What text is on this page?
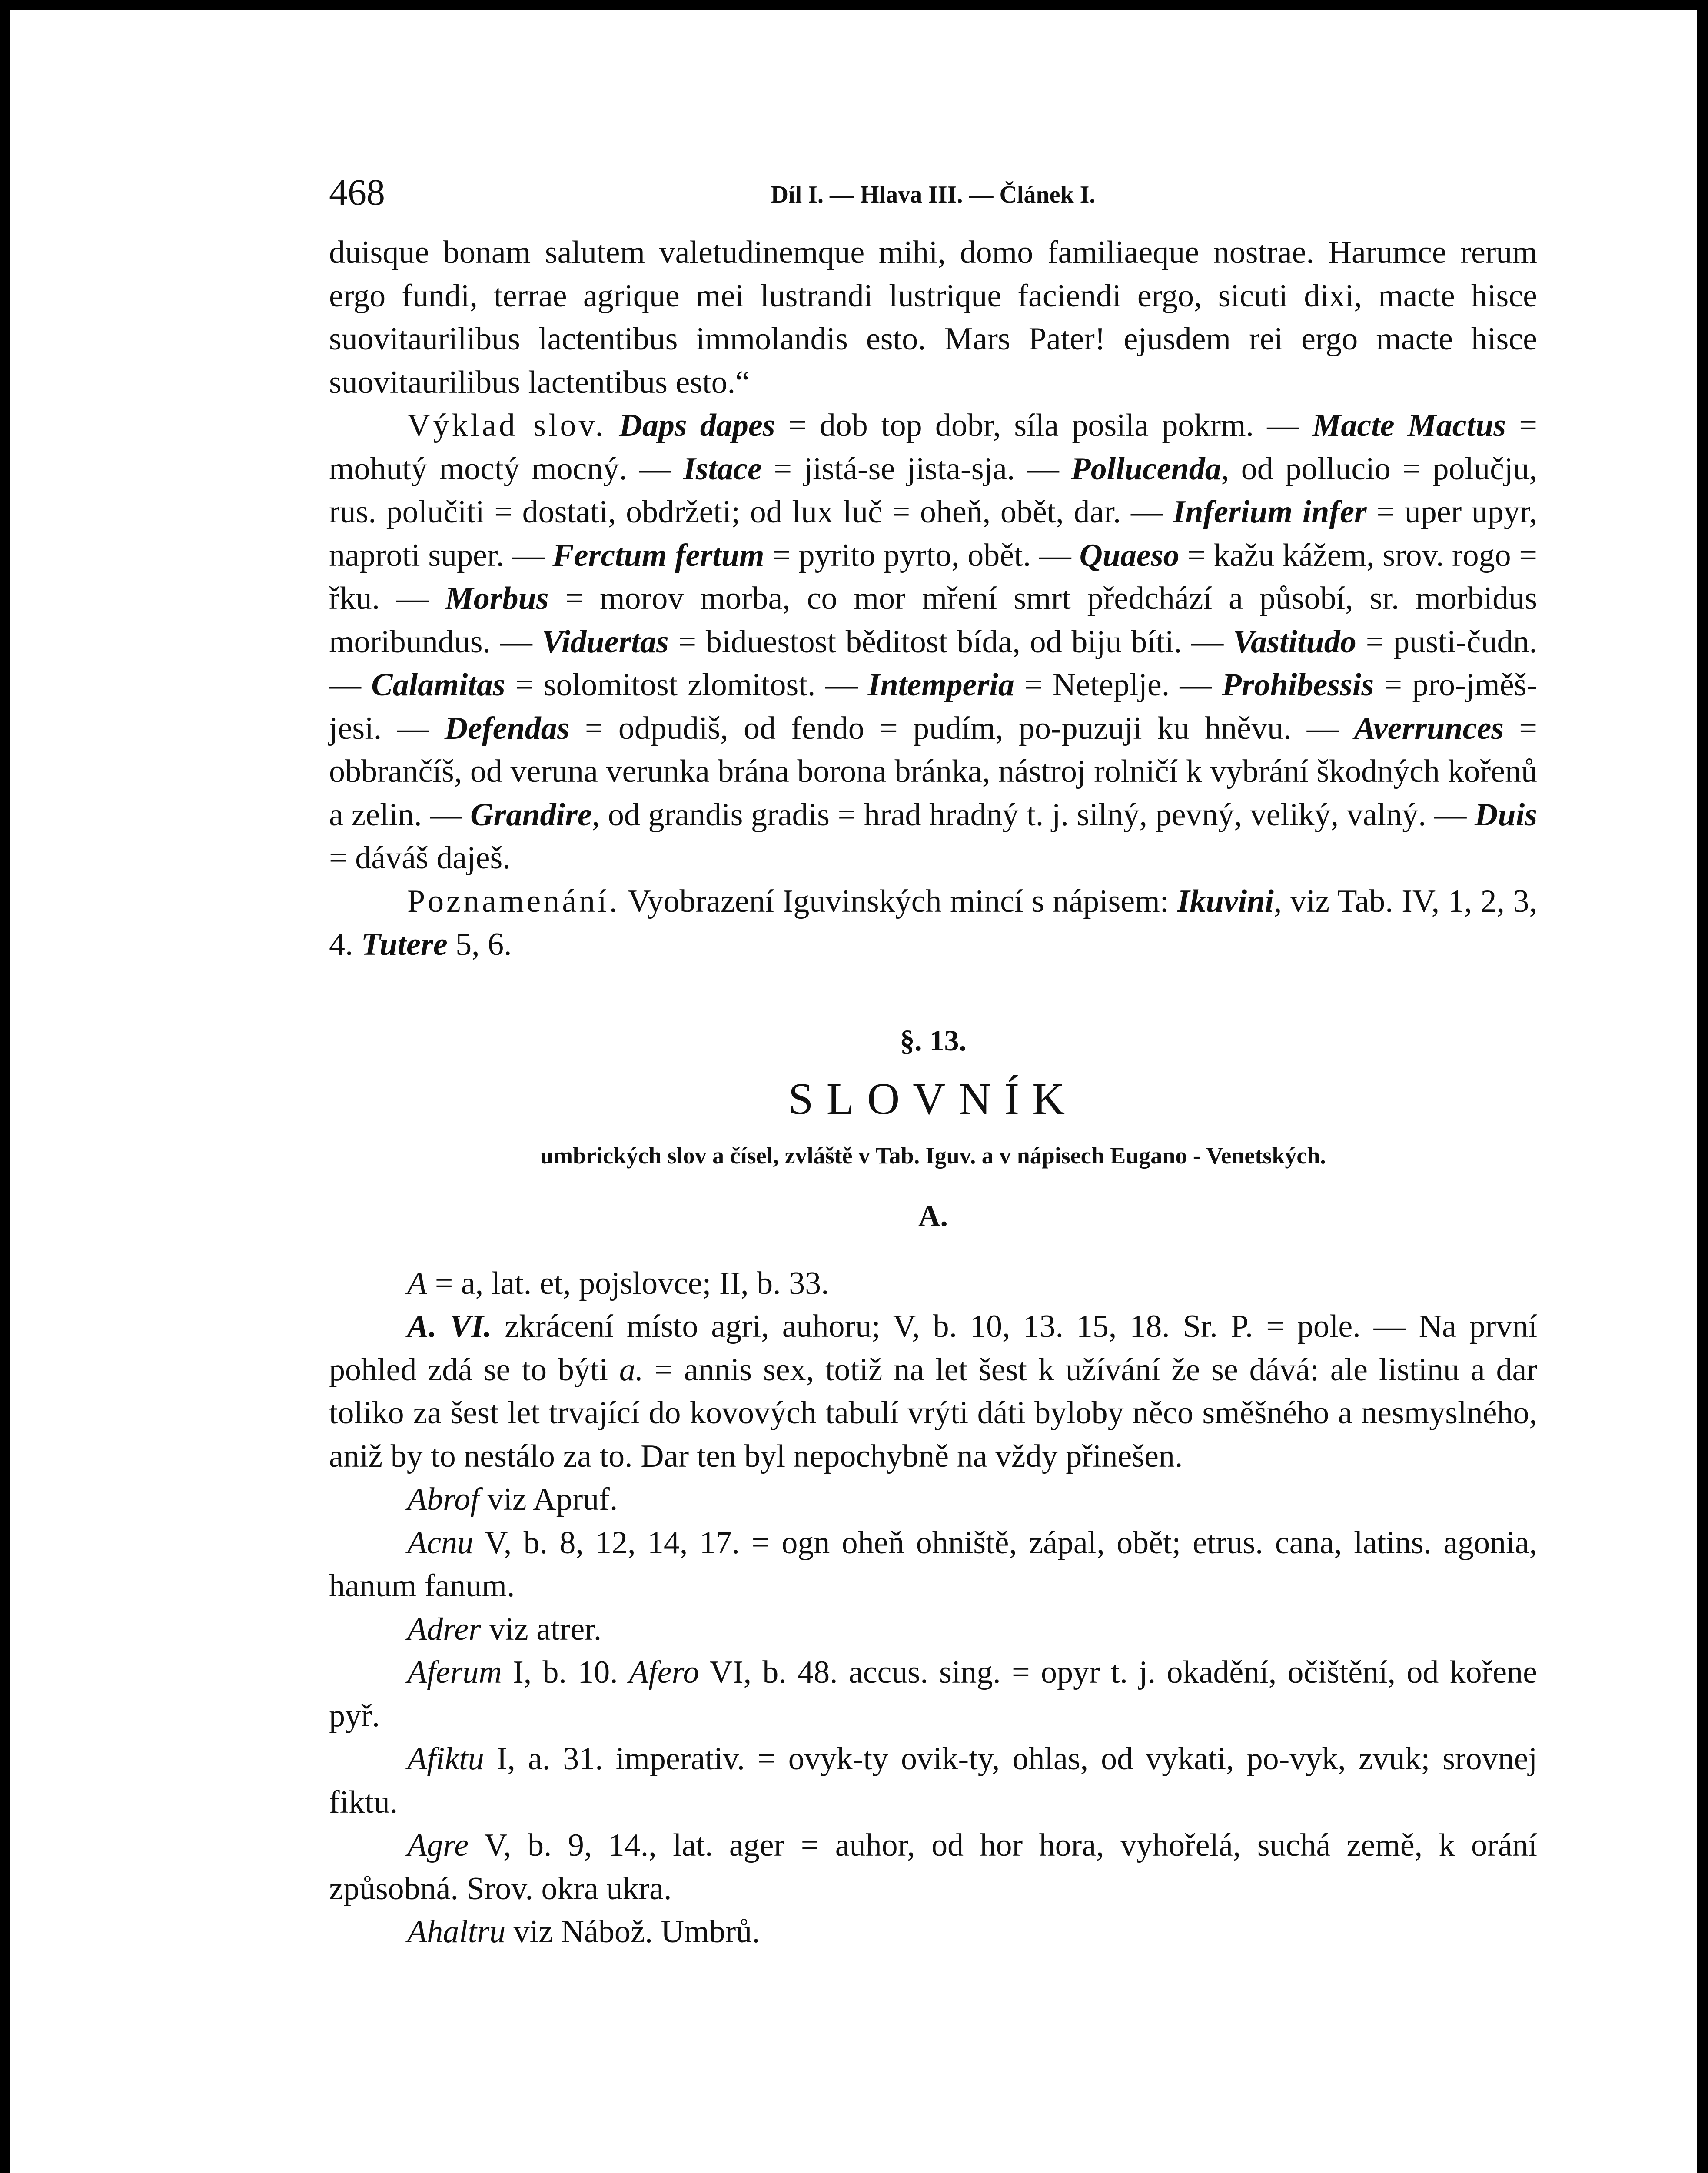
468	Díl I. — Hlava III. — Článek I.

duisque bonam salutem valetudinemque mihi, domo familiaeque nostrae. Harumce rerum ergo fundi, terrae agrique mei lustrandi lustrique faciendi ergo, sicuti dixi, macte hisce suovitaurilibus lactentibus immolandis esto. Mars Pater! ejusdem rei ergo macte hisce suovitaurilibus lactentibus esto.“

Výklad slov. Daps dapes = dob top dobr, síla posila pokrm. — Macte Mactus = mohutý moctý mocný. — Istace = jistá-se jista-sja. — Pollucenda, od pollucio = polučju, rus. polučiti = dostati, obdržeti; od lux luč = oheň, obět, dar. — Inferium infer = uper upyr, naproti super. — Ferctum fertum = pyrito pyrto, obět. — Quaeso = kažu kážem, srov. rogo = řku. — Morbus = morov morba, co mor mření smrt předchází a působí, sr. morbidus moribundus. — Viduertas = biduestost běditost bída, od biju bíti. — Vastitudo = pusti-čudn. — Calamitas = solomitost zlomitost. — Intemperia = Neteplje. — Prohibessis = pro-jměš-jesi. — Defendas = odpudiš, od fendo = pudím, po-puzuji ku hněvu. — Averrunces = obbrančíš, od veruna verunka brána borona bránka, nástroj rolničí k vybrání škodných kořenů a zelin. — Grandire, od grandis gradis = hrad hradný t. j. silný, pevný, veliký, valný. — Duis = dáváš daješ.

Poznamenání. Vyobrazení Iguvinských mincí s nápisem: Ikuvini, viz Tab. IV, 1, 2, 3, 4. Tutere 5, 6.

§. 13.
SLOVNÍK
umbrických slov a čísel, zvláště v Tab. Iguv. a v nápisech Eugano - Venetských.
A.

A = a, lat. et, pojslovce; II, b. 33.

A. VI. zkrácení místo agri, auhoru; V, b. 10, 13. 15, 18. Sr. P. = pole. — Na první pohled zdá se to býti a. = annis sex, totiž na let šest k užívání že se dává: ale listinu a dar toliko za šest let trvající do kovových tabulí vrýti dáti byloby něco směšného a nesmyslného, aniž by to nestálo za to. Dar ten byl nepochybně na vždy přinešen.

Abrof viz Apruf.

Acnu V, b. 8, 12, 14, 17. = ogn oheň ohniště, zápal, obět; etrus. cana, latins. agonia, hanum fanum.

Adrer viz atrer.

Aferum I, b. 10. Afero VI, b. 48. accus. sing. = opyr t. j. okadění, očištění, od kořene pyř.

Afiktu I, a. 31. imperativ. = ovyk-ty ovik-ty, ohlas, od vykati, po-vyk, zvuk; srovnej fiktu.

Agre V, b. 9, 14., lat. ager = auhor, od hor hora, vyhořelá, suchá země, k orání způsobná. Srov. okra ukra.

Ahaltru viz Nábož. Umbrů.
